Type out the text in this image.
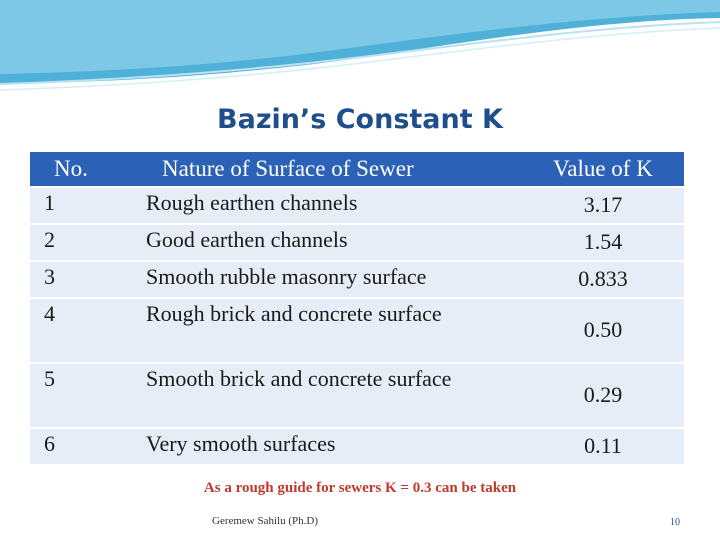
Bazin’s Constant K
No.	Nature of Surface of Sewer	Value of K
1	Rough earthen channels	3.17
2	Good earthen channels	1.54
3	Smooth rubble masonry surface	0.833
4	Rough brick and concrete surface	0.50
5	Smooth brick and concrete surface	0.29
6	Very smooth surfaces	0.11
As a rough guide for sewers K = 0.3 can be taken
Geremew Sahilu (Ph.D)	10
